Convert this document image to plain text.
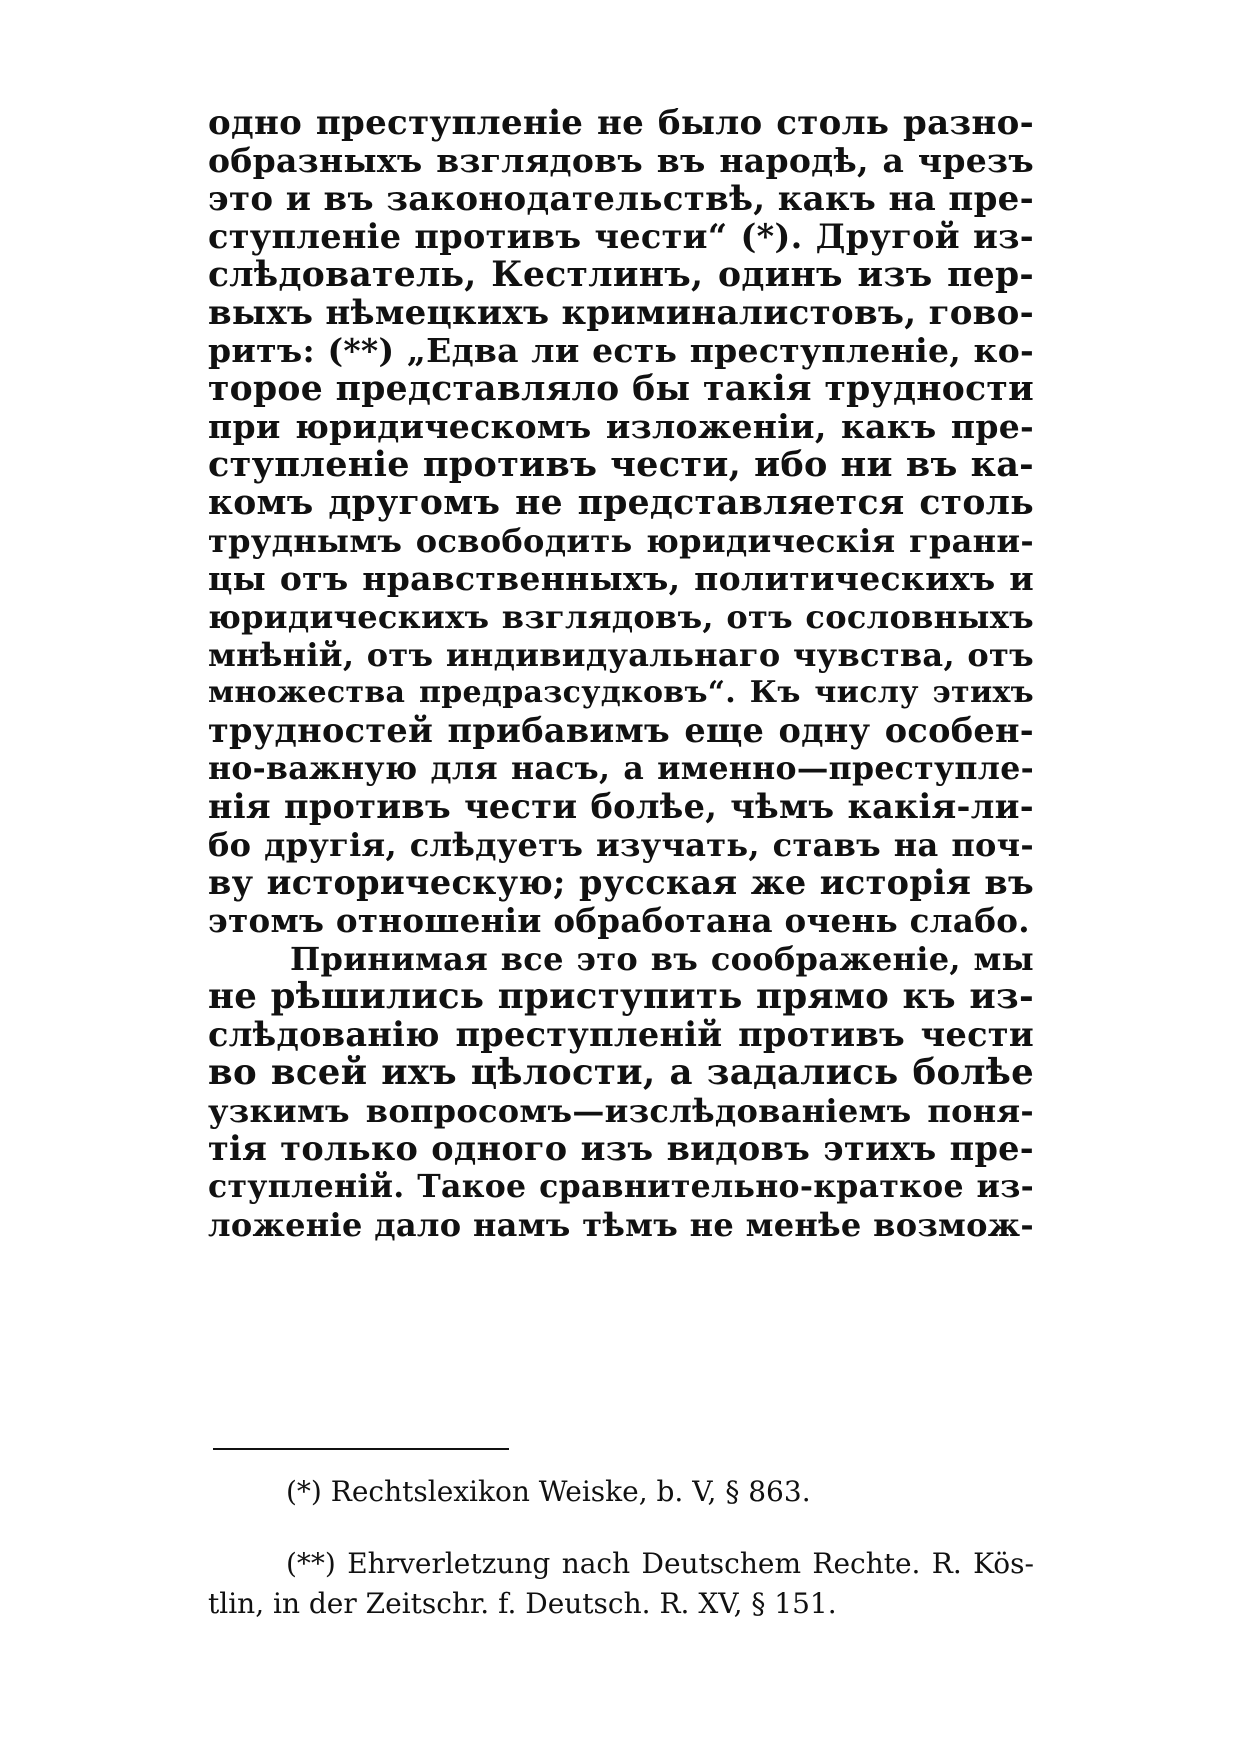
одно преступленіе не было столь разно-
образныхъ взглядовъ въ народѣ, а чрезъ
это и въ законодательствѣ, какъ на пре-
ступленіе противъ чести“ (*). Другой из-
слѣдователь, Кестлинъ, одинъ изъ пер-
выхъ нѣмецкихъ криминалистовъ, гово-
ритъ: (**) „Едва ли есть преступленіе, ко-
торое представляло бы такія трудности
при юридическомъ изложеніи, какъ пре-
ступленіе противъ чести, ибо ни въ ка-
комъ другомъ не представляется столь
труднымъ освободить юридическія грани-
цы отъ нравственныхъ, политическихъ и
юридическихъ взглядовъ, отъ сословныхъ
мнѣній, отъ индивидуальнаго чувства, отъ
множества предразсудковъ“. Къ числу этихъ
трудностей прибавимъ еще одну особен-
но-важную для насъ, а именно—преступле-
нія противъ чести болѣе, чѣмъ какія-ли-
бо другія, слѣдуетъ изучать, ставъ на поч-
ву историческую; русская же исторія въ
этомъ отношеніи обработана очень слабо.
Принимая все это въ соображеніе, мы
не рѣшились приступить прямо къ из-
слѣдованію преступленій противъ чести
во всей ихъ цѣлости, а задались болѣе
узкимъ вопросомъ—изслѣдованіемъ поня-
тія только одного изъ видовъ этихъ пре-
ступленій. Такое сравнительно-краткое из-
ложеніе дало намъ тѣмъ не менѣе возмож-
(*) Rechtslexikon Weiske, b. V, § 863.
(**) Ehrverletzung nach Deutschem Rechte. R. Kös-
tlin, in der Zeitschr. f. Deutsch. R. XV, § 151.
